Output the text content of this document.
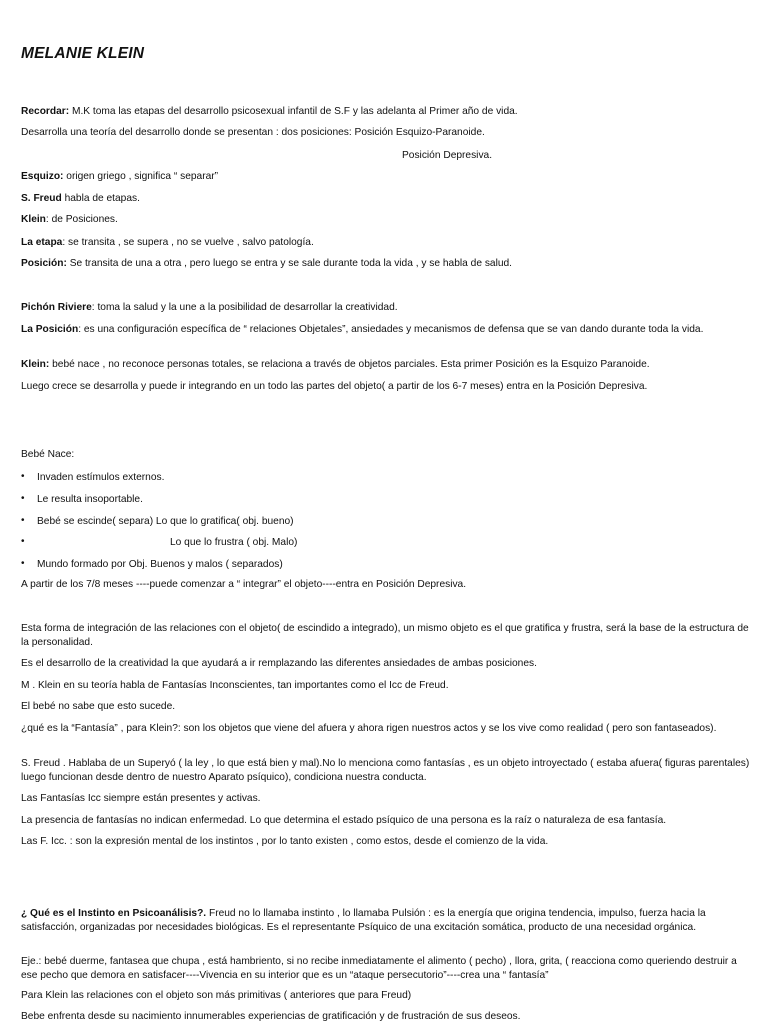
MELANIE KLEIN

Recordar: M.K toma las etapas del desarrollo psicosexual infantil de S.F y las adelanta al Primer año de vida.

Desarrolla una teoría del desarrollo donde se presentan : dos posiciones: Posición Esquizo-Paranoide.

Posición Depresiva.

Esquizo: origen griego , significa “ separar”

S. Freud habla de etapas.

Klein: de Posiciones.

La etapa: se transita , se supera , no se vuelve , salvo patología.

Posición: Se transita de una a otra , pero luego se entra y se sale durante toda la vida , y se habla de salud.

Pichón Riviere: toma la salud y la une a la posibilidad de desarrollar la creatividad.

La Posición: es una configuración específica de “ relaciones Objetales”, ansiedades y mecanismos de defensa que se van dando durante toda la vida.

Klein: bebé nace , no reconoce personas totales, se relaciona a través de objetos parciales. Esta primer Posición es la Esquizo Paranoide.

Luego crece se desarrolla y puede ir integrando en un todo las partes del objeto( a partir de los 6-7 meses) entra en la Posición Depresiva.

Bebé Nace:

• Invaden estímulos externos.
• Le resulta insoportable.
• Bebé se escinde( separa) Lo que lo gratifica( obj. bueno)
•	Lo que lo frustra ( obj. Malo)
• Mundo formado por Obj. Buenos y malos ( separados)

A partir de los 7/8 meses ----puede comenzar a “ integrar” el objeto----entra en Posición Depresiva.

Esta forma de integración de las relaciones con el objeto( de escindido a integrado), un mismo objeto es el que gratifica y frustra, será la base de la estructura de la personalidad.

Es el desarrollo de la creatividad la que ayudará a ir remplazando las diferentes ansiedades de ambas posiciones.

M . Klein en su teoría habla de Fantasías Inconscientes, tan importantes como el Icc de Freud.

El bebé no sabe que esto sucede.

¿qué es la “Fantasía” , para Klein?: son los objetos que viene del afuera y ahora rigen nuestros actos y se los vive como realidad ( pero son fantaseados).

S. Freud . Hablaba de un Superyó ( la ley , lo que está bien y mal).No lo menciona como fantasías , es un objeto introyectado ( estaba afuera( figuras parentales) luego funcionan desde dentro de nuestro Aparato psíquico), condiciona nuestra conducta.

Las Fantasías Icc siempre están presentes y activas.

La presencia de fantasías no indican enfermedad. Lo que determina el estado psíquico de una persona es la raíz o naturaleza de esa fantasía.

Las F. Icc. : son la expresión mental de los instintos , por lo tanto existen , como estos, desde el comienzo de la vida.

¿ Qué es el Instinto en Psicoanálisis?. Freud no lo llamaba instinto , lo llamaba Pulsión : es la energía que origina tendencia, impulso, fuerza hacia la satisfacción, organizadas por necesidades biológicas. Es el representante Psíquico de una excitación somática, producto de una necesidad orgánica.

Eje.: bebé duerme, fantasea que chupa , está hambriento, si no recibe inmediatamente el alimento ( pecho) , llora, grita, ( reacciona como queriendo destruir a ese pecho que demora en satisfacer----Vivencia en su interior que es un “ataque persecutorio”----crea una “ fantasía”

Para Klein las relaciones con el objeto son más primitivas ( anteriores que para Freud)

Bebe enfrenta desde su nacimiento innumerables experiencias de gratificación y de frustración de sus deseos.
